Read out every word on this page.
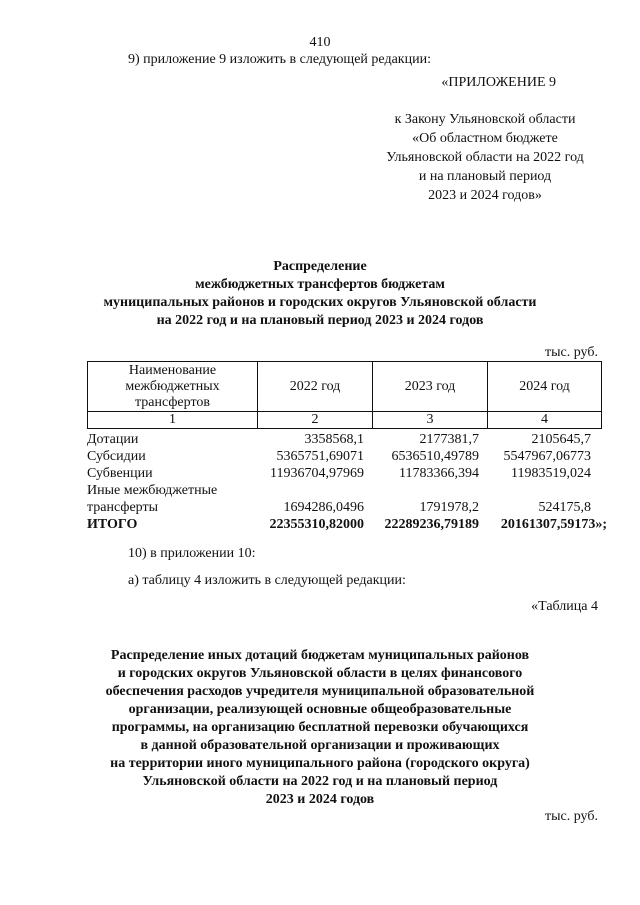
410
9) приложение 9 изложить в следующей редакции:
«ПРИЛОЖЕНИЕ 9
к Закону Ульяновской области
«Об областном бюджете
Ульяновской области на 2022 год
и на плановый период
2023 и 2024 годов»
Распределение
межбюджетных трансфертов бюджетам
муниципальных районов и городских округов Ульяновской области
на 2022 год и на плановый период 2023 и 2024 годов
тыс. руб.
Наименование межбюджетных трансфертов	2022 год	2023 год	2024 год
1	2	3	4
Дотации	3358568,1	2177381,7	2105645,7
Субсидии	5365751,69071	6536510,49789	5547967,06773
Субвенции	11936704,97969	11783366,394	11983519,024
Иные межбюджетные трансферты	1694286,0496	1791978,2	524175,8
ИТОГО	22355310,82000	22289236,79189	20161307,59173»;
10) в приложении 10:
а) таблицу 4 изложить в следующей редакции:
«Таблица 4
Распределение иных дотаций бюджетам муниципальных районов
и городских округов Ульяновской области в целях финансового
обеспечения расходов учредителя муниципальной образовательной
организации, реализующей основные общеобразовательные
программы, на организацию бесплатной перевозки обучающихся
в данной образовательной организации и проживающих
на территории иного муниципального района (городского округа)
Ульяновской области на 2022 год и на плановый период
2023 и 2024 годов
тыс. руб.
